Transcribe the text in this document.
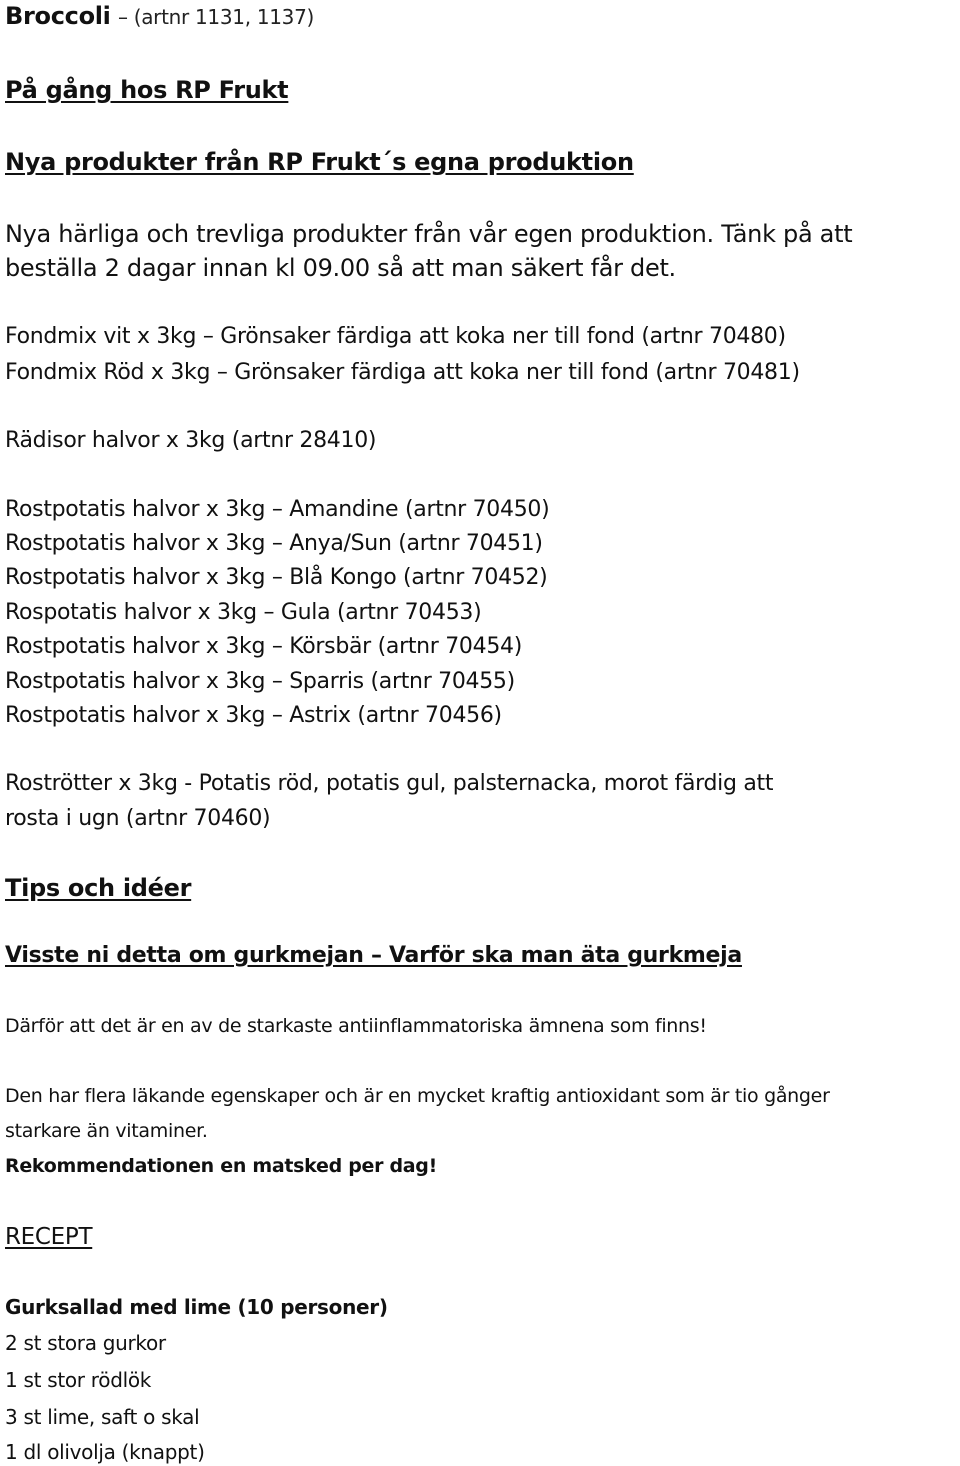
Broccoli – (artnr 1131, 1137)
På gång hos RP Frukt
Nya produkter från RP Frukt´s egna produktion
Nya härliga och trevliga produkter från vår egen produktion. Tänk på att
beställa 2 dagar innan kl 09.00 så att man säkert får det.
Fondmix vit x 3kg – Grönsaker färdiga att koka ner till fond (artnr 70480)
Fondmix Röd x 3kg – Grönsaker färdiga att koka ner till fond (artnr 70481)
Rädisor halvor x 3kg (artnr 28410)
Rostpotatis halvor x 3kg – Amandine (artnr 70450)
Rostpotatis halvor x 3kg – Anya/Sun (artnr 70451)
Rostpotatis halvor x 3kg – Blå Kongo (artnr 70452)
Rospotatis halvor x 3kg – Gula (artnr 70453)
Rostpotatis halvor x 3kg – Körsbär (artnr 70454)
Rostpotatis halvor x 3kg – Sparris (artnr 70455)
Rostpotatis halvor x 3kg – Astrix (artnr 70456)
Roströtter x 3kg - Potatis röd, potatis gul, palsternacka, morot färdig att
rosta i ugn (artnr 70460)
Tips och idéer
Visste ni detta om gurkmejan – Varför ska man äta gurkmeja
Därför att det är en av de starkaste antiinflammatoriska ämnena som finns!
Den har flera läkande egenskaper och är en mycket kraftig antioxidant som är tio gånger
starkare än vitaminer.
Rekommendationen en matsked per dag!
RECEPT
Gurksallad med lime (10 personer)
2 st stora gurkor
1 st stor rödlök
3 st lime, saft o skal
1 dl olivolja (knappt)
